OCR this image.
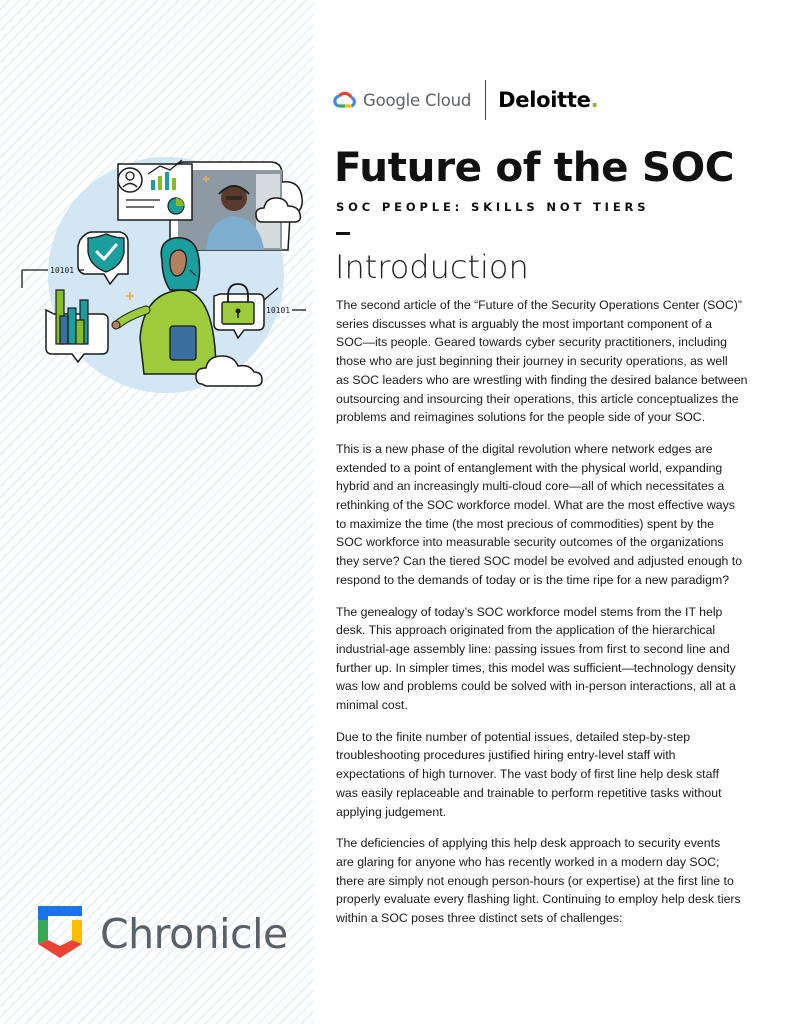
Google Cloud Deloitte.
Future of the SOC
SOC PEOPLE: SKILLS NOT TIERS
Introduction

The second article of the “Future of the Security Operations Center (SOC)”
series discusses what is arguably the most important component of a
SOC—its people. Geared towards cyber security practitioners, including
those who are just beginning their journey in security operations, as well
as SOC leaders who are wrestling with finding the desired balance between
outsourcing and insourcing their operations, this article conceptualizes the
problems and reimagines solutions for the people side of your SOC.

This is a new phase of the digital revolution where network edges are
extended to a point of entanglement with the physical world, expanding
hybrid and an increasingly multi-cloud core—all of which necessitates a
rethinking of the SOC workforce model. What are the most effective ways
to maximize the time (the most precious of commodities) spent by the
SOC workforce into measurable security outcomes of the organizations
they serve? Can the tiered SOC model be evolved and adjusted enough to
respond to the demands of today or is the time ripe for a new paradigm?

The genealogy of today’s SOC workforce model stems from the IT help
desk. This approach originated from the application of the hierarchical
industrial-age assembly line: passing issues from first to second line and
further up. In simpler times, this model was sufficient—technology density
was low and problems could be solved with in-person interactions, all at a
minimal cost.

Due to the finite number of potential issues, detailed step-by-step
troubleshooting procedures justified hiring entry-level staff with
expectations of high turnover. The vast body of first line help desk staff
was easily replaceable and trainable to perform repetitive tasks without
applying judgement.

The deficiencies of applying this help desk approach to security events
are glaring for anyone who has recently worked in a modern day SOC;
there are simply not enough person-hours (or expertise) at the first line to
properly evaluate every flashing light. Continuing to employ help desk tiers
within a SOC poses three distinct sets of challenges:

10101
10101
Chronicle
